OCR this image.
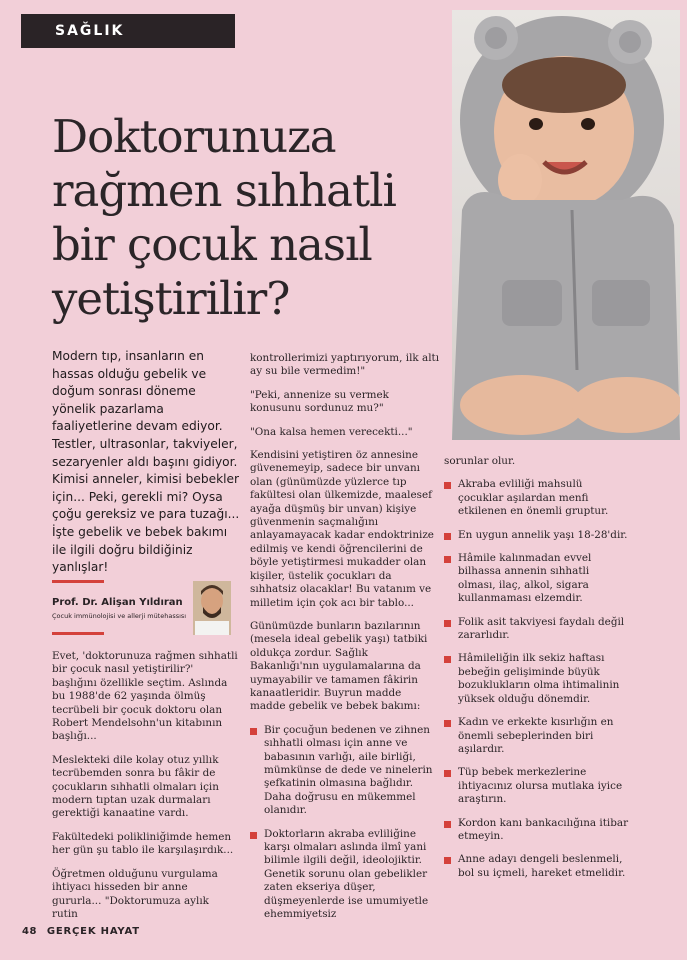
SAĞLIK
Doktorunuza rağmen sıhhatli bir çocuk nasıl yetiştirilir?
Modern tıp, insanların en hassas olduğu gebelik ve doğum sonrası döneme yönelik pazarlama faaliyetlerine devam ediyor. Testler, ultrasonlar, takviyeler, sezaryenler aldı başını gidiyor. Kimisi anneler, kimisi bebekler için... Peki, gerekli mi? Oysa çoğu gereksiz ve para tuzağı... İşte gebelik ve bebek bakımı ile ilgili doğru bildiğiniz yanlışlar!
Prof. Dr. Alişan Yıldıran
Çocuk immünolojisi ve allerji mütehassısı

Evet, 'doktorunuza rağmen sıhhatli bir çocuk nasıl yetiştirilir?' başlığını özellikle seçtim. Aslında bu 1988'de 62 yaşında ölmüş tecrübeli bir çocuk doktoru olan Robert Mendelsohn'un kitabının başlığı...

Meslekteki dile kolay otuz yıllık tecrübemden sonra bu fâkir de çocukların sıhhatli olmaları için modern tıptan uzak durmaları gerektiği kanaatine vardı.

Fakültedeki polikliniğimde hemen her gün şu tablo ile karşılaşırdık...

Öğretmen olduğunu vurgulama ihtiyacı hisseden bir anne gururla... "Doktorumuza aylık rutin

kontrollerimizi yaptırıyorum, ilk altı ay su bile vermedim!"

"Peki, annenize su vermek konusunu sordunuz mu?"

"Ona kalsa hemen verecekti..."

Kendisini yetiştiren öz annesine güvenemeyip, sadece bir unvanı olan (günümüzde yüzlerce tıp fakültesi olan ülkemizde, maalesef ayağa düşmüş bir unvan) kişiye güvenmenin saçmalığını anlayamayacak kadar endoktrinize edilmiş ve kendi öğrencilerini de böyle yetiştirmesi mukadder olan kişiler, üstelik çocukları da sıhhatsiz olacaklar! Bu vatanım ve milletim için çok acı bir tablo...

Günümüzde bunların bazılarının (mesela ideal gebelik yaşı) tatbiki oldukça zordur. Sağlık Bakanlığı'nın uygulamalarına da uymayabilir ve tamamen fâkirin kanaatleridir. Buyrun madde madde gebelik ve bebek bakımı:

Bir çocuğun bedenen ve zihnen sıhhatli olması için anne ve babasının varlığı, aile birliği, mümkünse de dede ve ninelerin şefkatinin olmasına bağlıdır. Daha doğrusu en mükemmel olanıdır.
Doktorların akraba evliliğine karşı olmaları aslında ilmî yani bilimle ilgili değil, ideolojiktir. Genetik sorunu olan gebelikler zaten ekseriya düşer, düşmeyenlerde ise umumiyetle ehemmiyetsiz
sorunlar olur.
Akraba evliliği mahsulü çocuklar aşılardan menfi etkilenen en önemli gruptur.
En uygun annelik yaşı 18-28'dir.
Hâmile kalınmadan evvel bilhassa annenin sıhhatli olması, ilaç, alkol, sigara kullanmaması elzemdir.
Folik asit takviyesi faydalı değil zararlıdır.
Hâmileliğin ilk sekiz haftası bebeğin gelişiminde büyük bozuklukların olma ihtimalinin yüksek olduğu dönemdir.
Kadın ve erkekte kısırlığın en önemli sebeplerinden biri aşılardır.
Tüp bebek merkezlerine ihtiyacınız olursa mutlaka iyice araştırın.
Kordon kanı bankacılığına itibar etmeyin.
Anne adayı dengeli beslenmeli, bol su içmeli, hareket etmelidir.
48 GERÇEK HAYAT
